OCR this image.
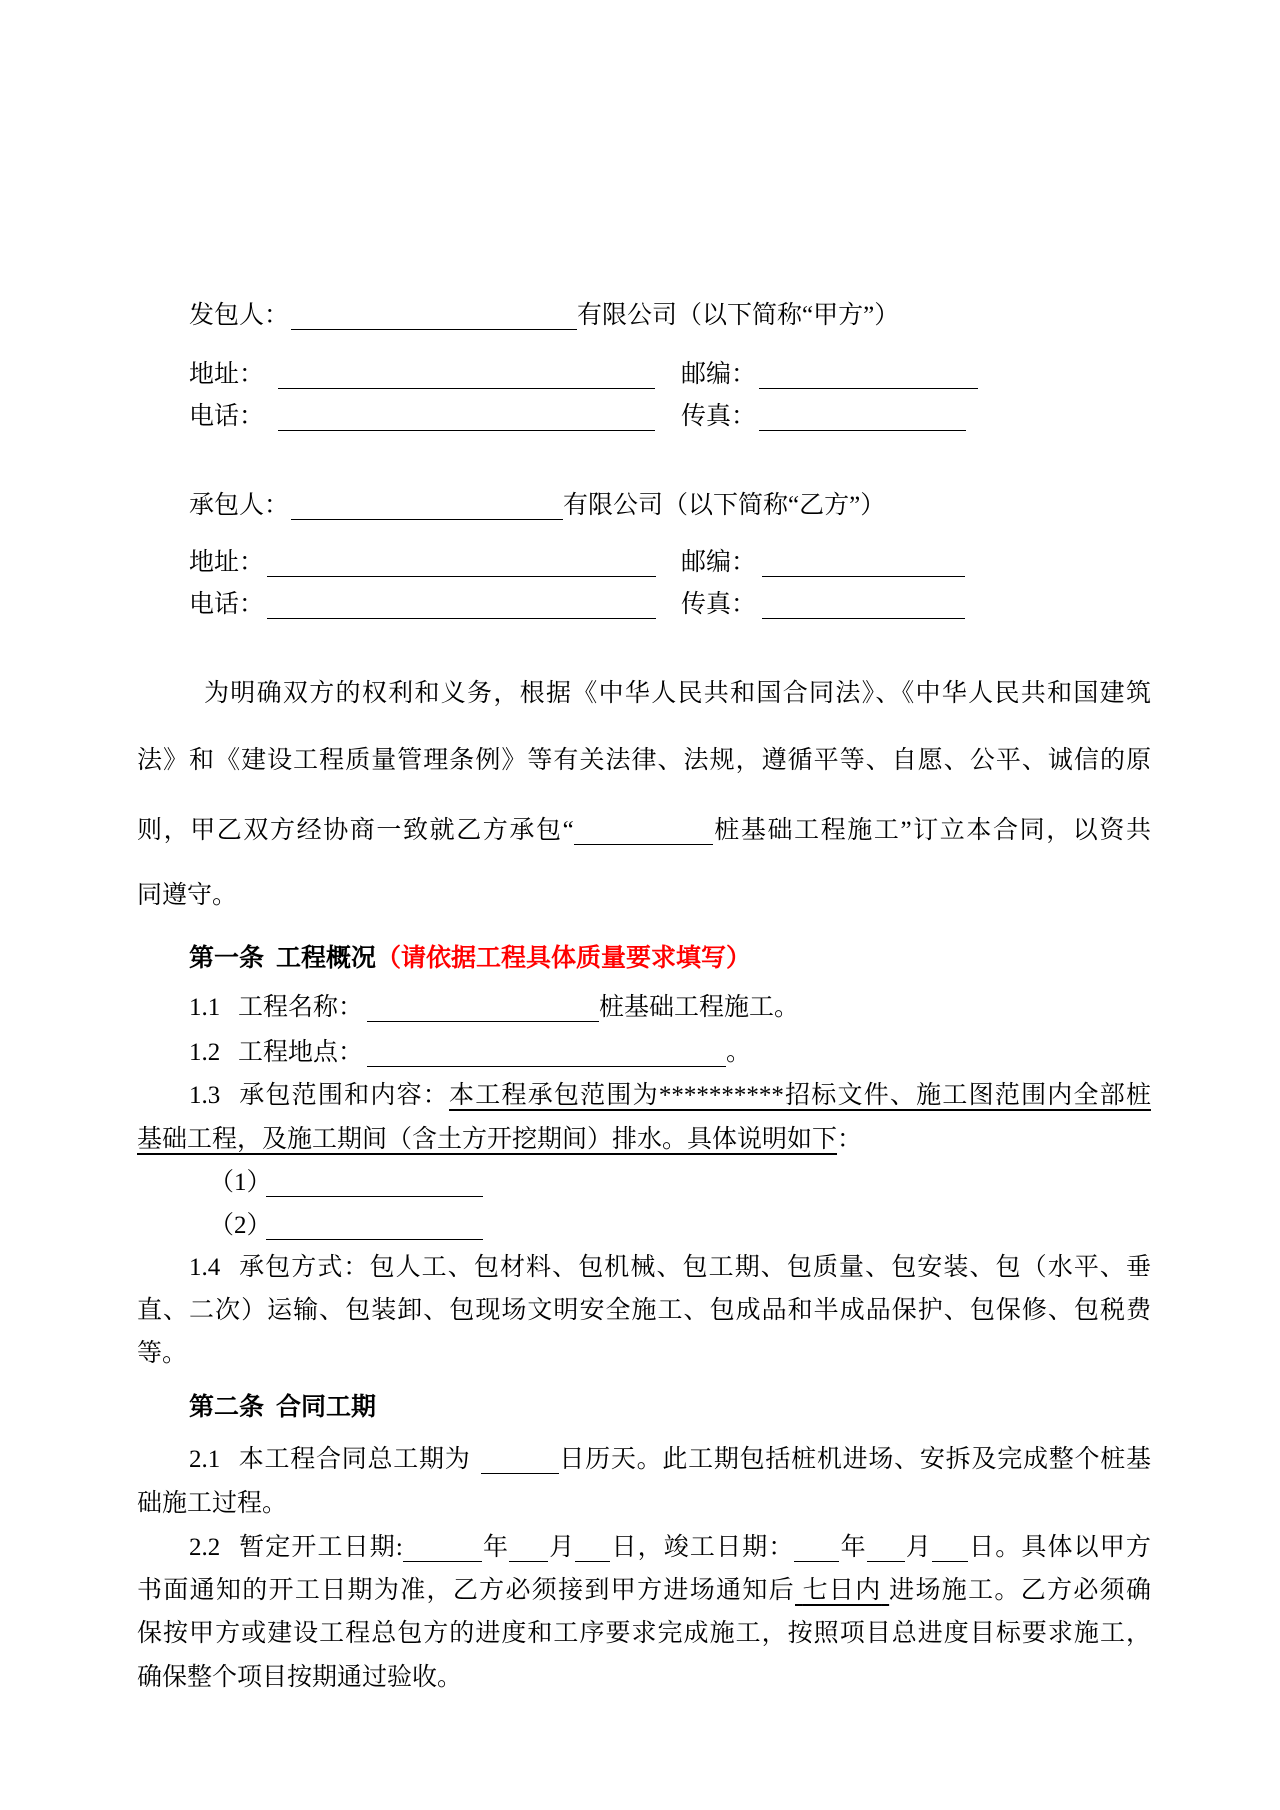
发包人：	有限公司（以下简称“甲方”）
地址：	邮编：
电话：	传真：
承包人：	有限公司（以下简称“乙方”）
地址：	邮编：
电话：	传真：
为明确双方的权利和义务，根据《中华人民共和国合同法》、《中华人民共和国建筑
法》和《建设工程质量管理条例》等有关法律、法规，遵循平等、自愿、公平、诚信的原
则，甲乙双方经协商一致就乙方承包“	桩基础工程施工”订立本合同，以资共
同遵守。
第一条 工程概况（请依据工程具体质量要求填写）
1.1 工程名称：	桩基础工程施工。
1.2 工程地点：	。
1.3 承包范围和内容：本工程承包范围为**********招标文件、施工图范围内全部桩
基础工程，及施工期间（含土方开挖期间）排水。具体说明如下：
（1）
（2）
1.4 承包方式：包人工、包材料、包机械、包工期、包质量、包安装、包（水平、垂
直、二次）运输、包装卸、包现场文明安全施工、包成品和半成品保护、包保修、包税费
等。
第二条 合同工期
2.1 本工程合同总工期为	日历天。此工期包括桩机进场、安拆及完成整个桩基
础施工过程。
2.2 暂定开工日期:	年 月 日，竣工日期： 年 月 日。具体以甲方
书面通知的开工日期为准，乙方必须接到甲方进场通知后 七日内 进场施工。乙方必须确
保按甲方或建设工程总包方的进度和工序要求完成施工，按照项目总进度目标要求施工，
确保整个项目按期通过验收。
